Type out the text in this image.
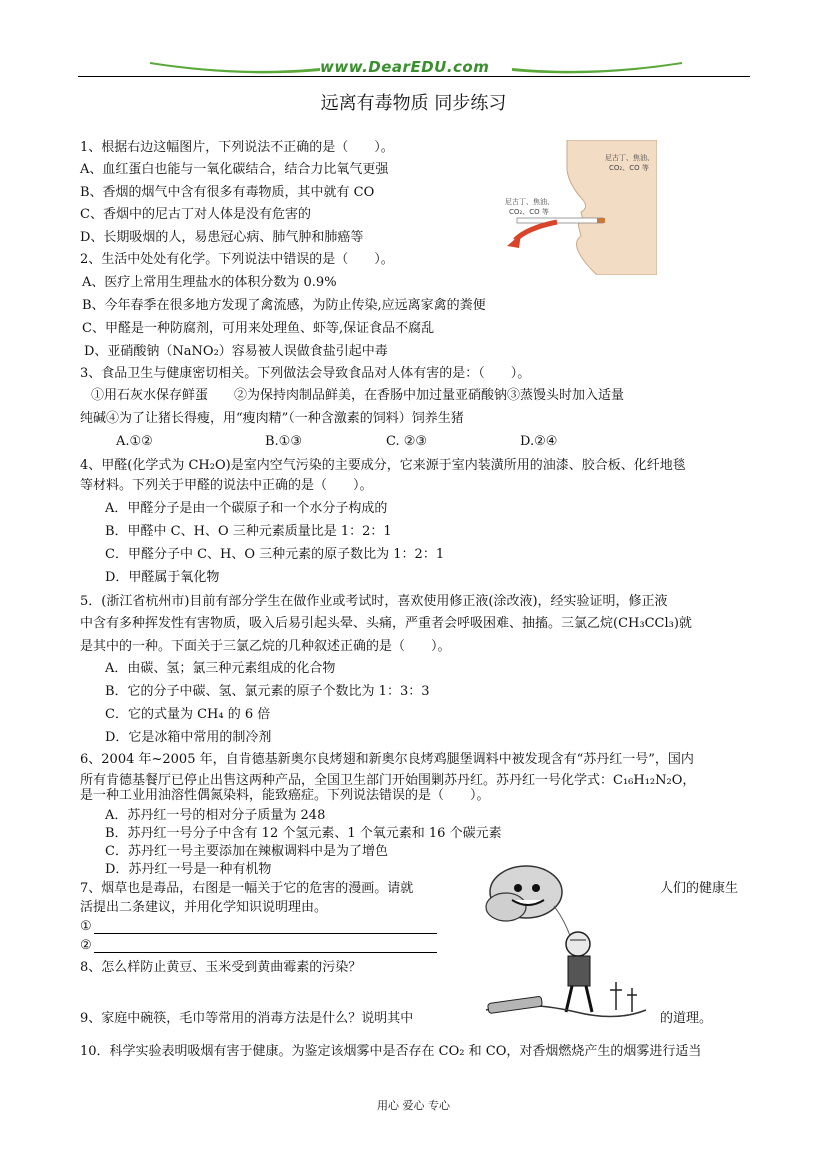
www.DearEDU.com
远离有毒物质 同步练习
尼古丁、焦油、
CO₂、CO 等
尼古丁、焦油、
CO₂、CO 等
1、根据右边这幅图片，下列说法不正确的是（　　）。
A、血红蛋白也能与一氧化碳结合，结合力比氧气更强
B、香烟的烟气中含有很多有毒物质，其中就有 CO
C、香烟中的尼古丁对人体是没有危害的
D、长期吸烟的人，易患冠心病、肺气肿和肺癌等
2、生活中处处有化学。下列说法中错误的是（　　）。
A、医疗上常用生理盐水的体积分数为 0.9%
B、今年春季在很多地方发现了禽流感，为防止传染,应远离家禽的粪便
C、甲醛是一种防腐剂，可用来处理鱼、虾等,保证食品不腐乱
D、亚硝酸钠（NaNO₂）容易被人误做食盐引起中毒
3、食品卫生与健康密切相关。下列做法会导致食品对人体有害的是：（　　）。
①用石灰水保存鲜蛋　　②为保持肉制品鲜美，在香肠中加过量亚硝酸钠③蒸馒头时加入适量
纯碱④为了让猪长得瘦，用“瘦肉精”（一种含激素的饲料）饲养生猪
A.①②	B.①③	C. ②③	D.②④
4、甲醛(化学式为 CH₂O)是室内空气污染的主要成分，它来源于室内装潢所用的油漆、胶合板、化纤地毯
等材料。下列关于甲醛的说法中正确的是（　　）。
A．甲醛分子是由一个碳原子和一个水分子构成的
B．甲醛中 C、H、O 三种元素质量比是 1：2：1
C．甲醛分子中 C、H、O 三种元素的原子数比为 1：2：1
D．甲醛属于氧化物
5．(浙江省杭州市)目前有部分学生在做作业或考试时，喜欢使用修正液(涂改液)，经实验证明，修正液
中含有多种挥发性有害物质，吸入后易引起头晕、头痛，严重者会呼吸困难、抽搐。三氯乙烷(CH₃CCl₃)就
是其中的一种。下面关于三氯乙烷的几种叙述正确的是（　　）。
A．由碳、氢；氯三种元素组成的化合物
B．它的分子中碳、氢、氯元素的原子个数比为 1：3：3
C．它的式量为 CH₄ 的 6 倍
D．它是冰箱中常用的制冷剂
6、2004 年~2005 年，自肯德基新奥尔良烤翅和新奥尔良烤鸡腿堡调料中被发现含有“苏丹红一号”，国内
所有肯德基餐厅已停止出售这两种产品，全国卫生部门开始围剿苏丹红。苏丹红一号化学式：C₁₆H₁₂N₂O，
是一种工业用油溶性偶氮染料，能致癌症。下列说法错误的是（　　）。
A．苏丹红一号的相对分子质量为 248
B．苏丹红一号分子中含有 12 个氢元素、1 个氧元素和 16 个碳元素
C．苏丹红一号主要添加在辣椒调料中是为了增色
D．苏丹红一号是一种有机物
7、烟草也是毒品，右图是一幅关于它的危害的漫画。请就	人们的健康生
活提出二条建议，并用化学知识说明理由。
①
②
8、怎么样防止黄豆、玉米受到黄曲霉素的污染？
9、家庭中碗筷，毛巾等常用的消毒方法是什么？说明其中	的道理。
10．科学实验表明吸烟有害于健康。为鉴定该烟雾中是否存在 CO₂ 和 CO，对香烟燃烧产生的烟雾进行适当
用心 爱心 专心
